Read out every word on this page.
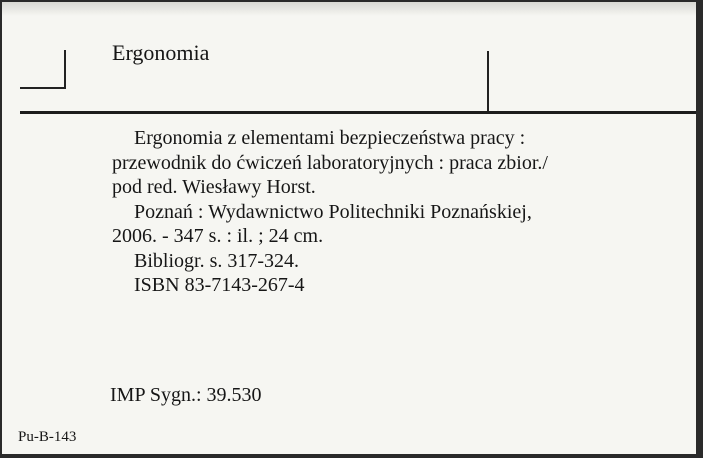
Ergonomia
Ergonomia z elementami bezpieczeństwa pracy :
przewodnik do ćwiczeń laboratoryjnych : praca zbior./
pod red. Wiesławy Horst.
Poznań : Wydawnictwo Politechniki Poznańskiej,
2006. - 347 s. : il. ; 24 cm.
Bibliogr. s. 317-324.
ISBN 83-7143-267-4
IMP Sygn.: 39.530
Pu-B-143
